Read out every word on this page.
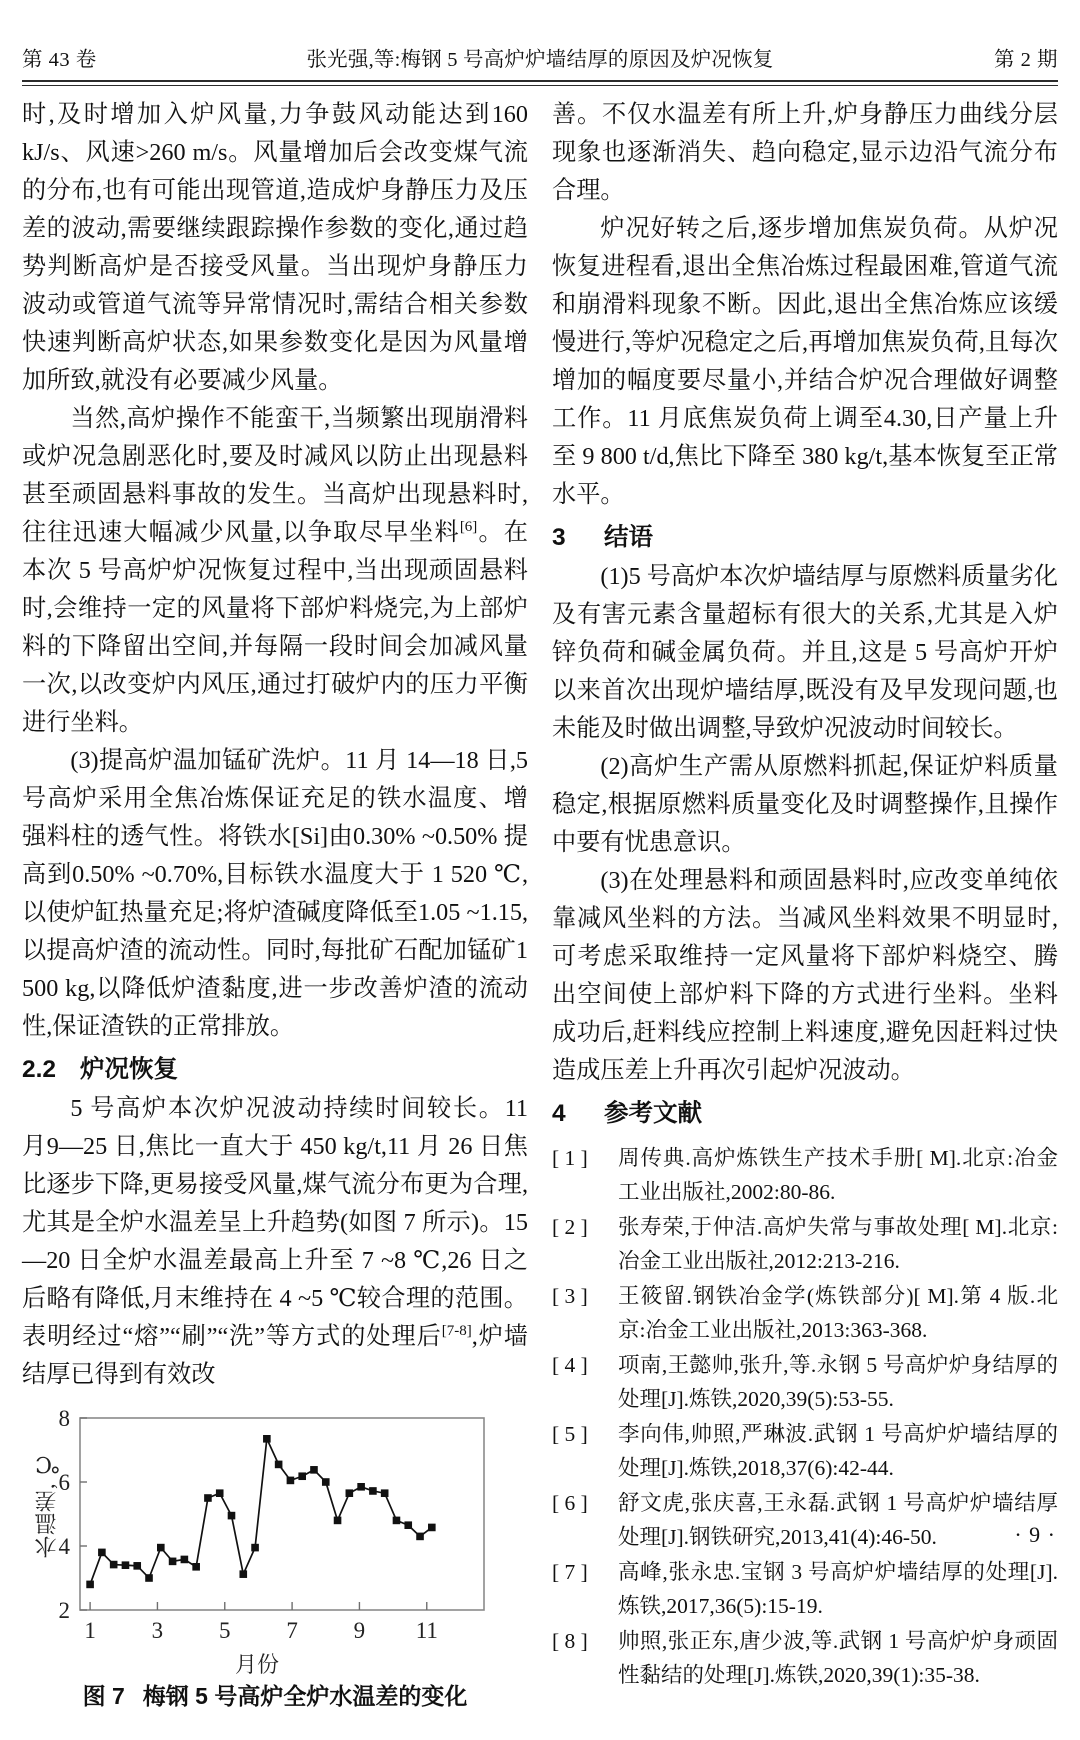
第 43 卷	张光强,等:梅钢 5 号高炉炉墙结厚的原因及炉况恢复	第 2 期

时,及时增加入炉风量,力争鼓风动能达到160 kJ/s、风速>260 m/s。风量增加后会改变煤气流的分布,也有可能出现管道,造成炉身静压力及压差的波动,需要继续跟踪操作参数的变化,通过趋势判断高炉是否接受风量。当出现炉身静压力波动或管道气流等异常情况时,需结合相关参数快速判断高炉状态,如果参数变化是因为风量增加所致,就没有必要减少风量。

当然,高炉操作不能蛮干,当频繁出现崩滑料或炉况急剧恶化时,要及时减风以防止出现悬料甚至顽固悬料事故的发生。当高炉出现悬料时,往往迅速大幅减少风量,以争取尽早坐料[6]。在本次 5 号高炉炉况恢复过程中,当出现顽固悬料时,会维持一定的风量将下部炉料烧完,为上部炉料的下降留出空间,并每隔一段时间会加减风量一次,以改变炉内风压,通过打破炉内的压力平衡进行坐料。

(3)提高炉温加锰矿洗炉。11 月 14—18 日,5 号高炉采用全焦冶炼保证充足的铁水温度、增强料柱的透气性。将铁水[Si]由0.30% ~0.50% 提高到0.50% ~0.70%,目标铁水温度大于 1 520 ℃,以使炉缸热量充足;将炉渣碱度降低至1.05 ~1.15,以提高炉渣的流动性。同时,每批矿石配加锰矿1 500 kg,以降低炉渣黏度,进一步改善炉渣的流动性,保证渣铁的正常排放。

2.2 炉况恢复

5 号高炉本次炉况波动持续时间较长。11 月9—25 日,焦比一直大于 450 kg/t,11 月 26 日焦比逐步下降,更易接受风量,煤气流分布更为合理,尤其是全炉水温差呈上升趋势(如图 7 所示)。15—20 日全炉水温差最高上升至 7 ~8 ℃,26 日之后略有降低,月末维持在 4 ~5 ℃较合理的范围。表明经过“熔”“刷”“洗”等方式的处理后[7-8],炉墙结厚已得到有效改

水温差, ℃
月份
2
4
6
8
1 3 5 7 9 11
图 7 梅钢 5 号高炉全炉水温差的变化

善。不仅水温差有所上升,炉身静压力曲线分层现象也逐渐消失、趋向稳定,显示边沿气流分布合理。

炉况好转之后,逐步增加焦炭负荷。从炉况恢复进程看,退出全焦冶炼过程最困难,管道气流和崩滑料现象不断。因此,退出全焦冶炼应该缓慢进行,等炉况稳定之后,再增加焦炭负荷,且每次增加的幅度要尽量小,并结合炉况合理做好调整工作。11 月底焦炭负荷上调至4.30,日产量上升至 9 800 t/d,焦比下降至 380 kg/t,基本恢复至正常水平。

3 结语

(1)5 号高炉本次炉墙结厚与原燃料质量劣化及有害元素含量超标有很大的关系,尤其是入炉锌负荷和碱金属负荷。并且,这是 5 号高炉开炉以来首次出现炉墙结厚,既没有及早发现问题,也未能及时做出调整,导致炉况波动时间较长。

(2)高炉生产需从原燃料抓起,保证炉料质量稳定,根据原燃料质量变化及时调整操作,且操作中要有忧患意识。

(3)在处理悬料和顽固悬料时,应改变单纯依靠减风坐料的方法。当减风坐料效果不明显时,可考虑采取维持一定风量将下部炉料烧空、腾出空间使上部炉料下降的方式进行坐料。坐料成功后,赶料线应控制上料速度,避免因赶料过快造成压差上升再次引起炉况波动。

4 参考文献
[ 1 ]	周传典.高炉炼铁生产技术手册[ M].北京:冶金工业出版社,2002:80-86.
[ 2 ]	张寿荣,于仲洁.高炉失常与事故处理[ M].北京:冶金工业出版社,2012:213-216.
[ 3 ]	王筱留.钢铁冶金学(炼铁部分)[ M].第 4 版.北京:冶金工业出版社,2013:363-368.
[ 4 ]	项南,王懿帅,张升,等.永钢 5 号高炉炉身结厚的处理[J].炼铁,2020,39(5):53-55.
[ 5 ]	李向伟,帅照,严琳波.武钢 1 号高炉炉墙结厚的处理[J].炼铁,2018,37(6):42-44.
[ 6 ]	舒文虎,张庆喜,王永磊.武钢 1 号高炉炉墙结厚处理[J].钢铁研究,2013,41(4):46-50.
[ 7 ]	高峰,张永忠.宝钢 3 号高炉炉墙结厚的处理[J].炼铁,2017,36(5):15-19.
[ 8 ]	帅照,张正东,唐少波,等.武钢 1 号高炉炉身顽固性黏结的处理[J].炼铁,2020,39(1):35-38.
· 9 ·
